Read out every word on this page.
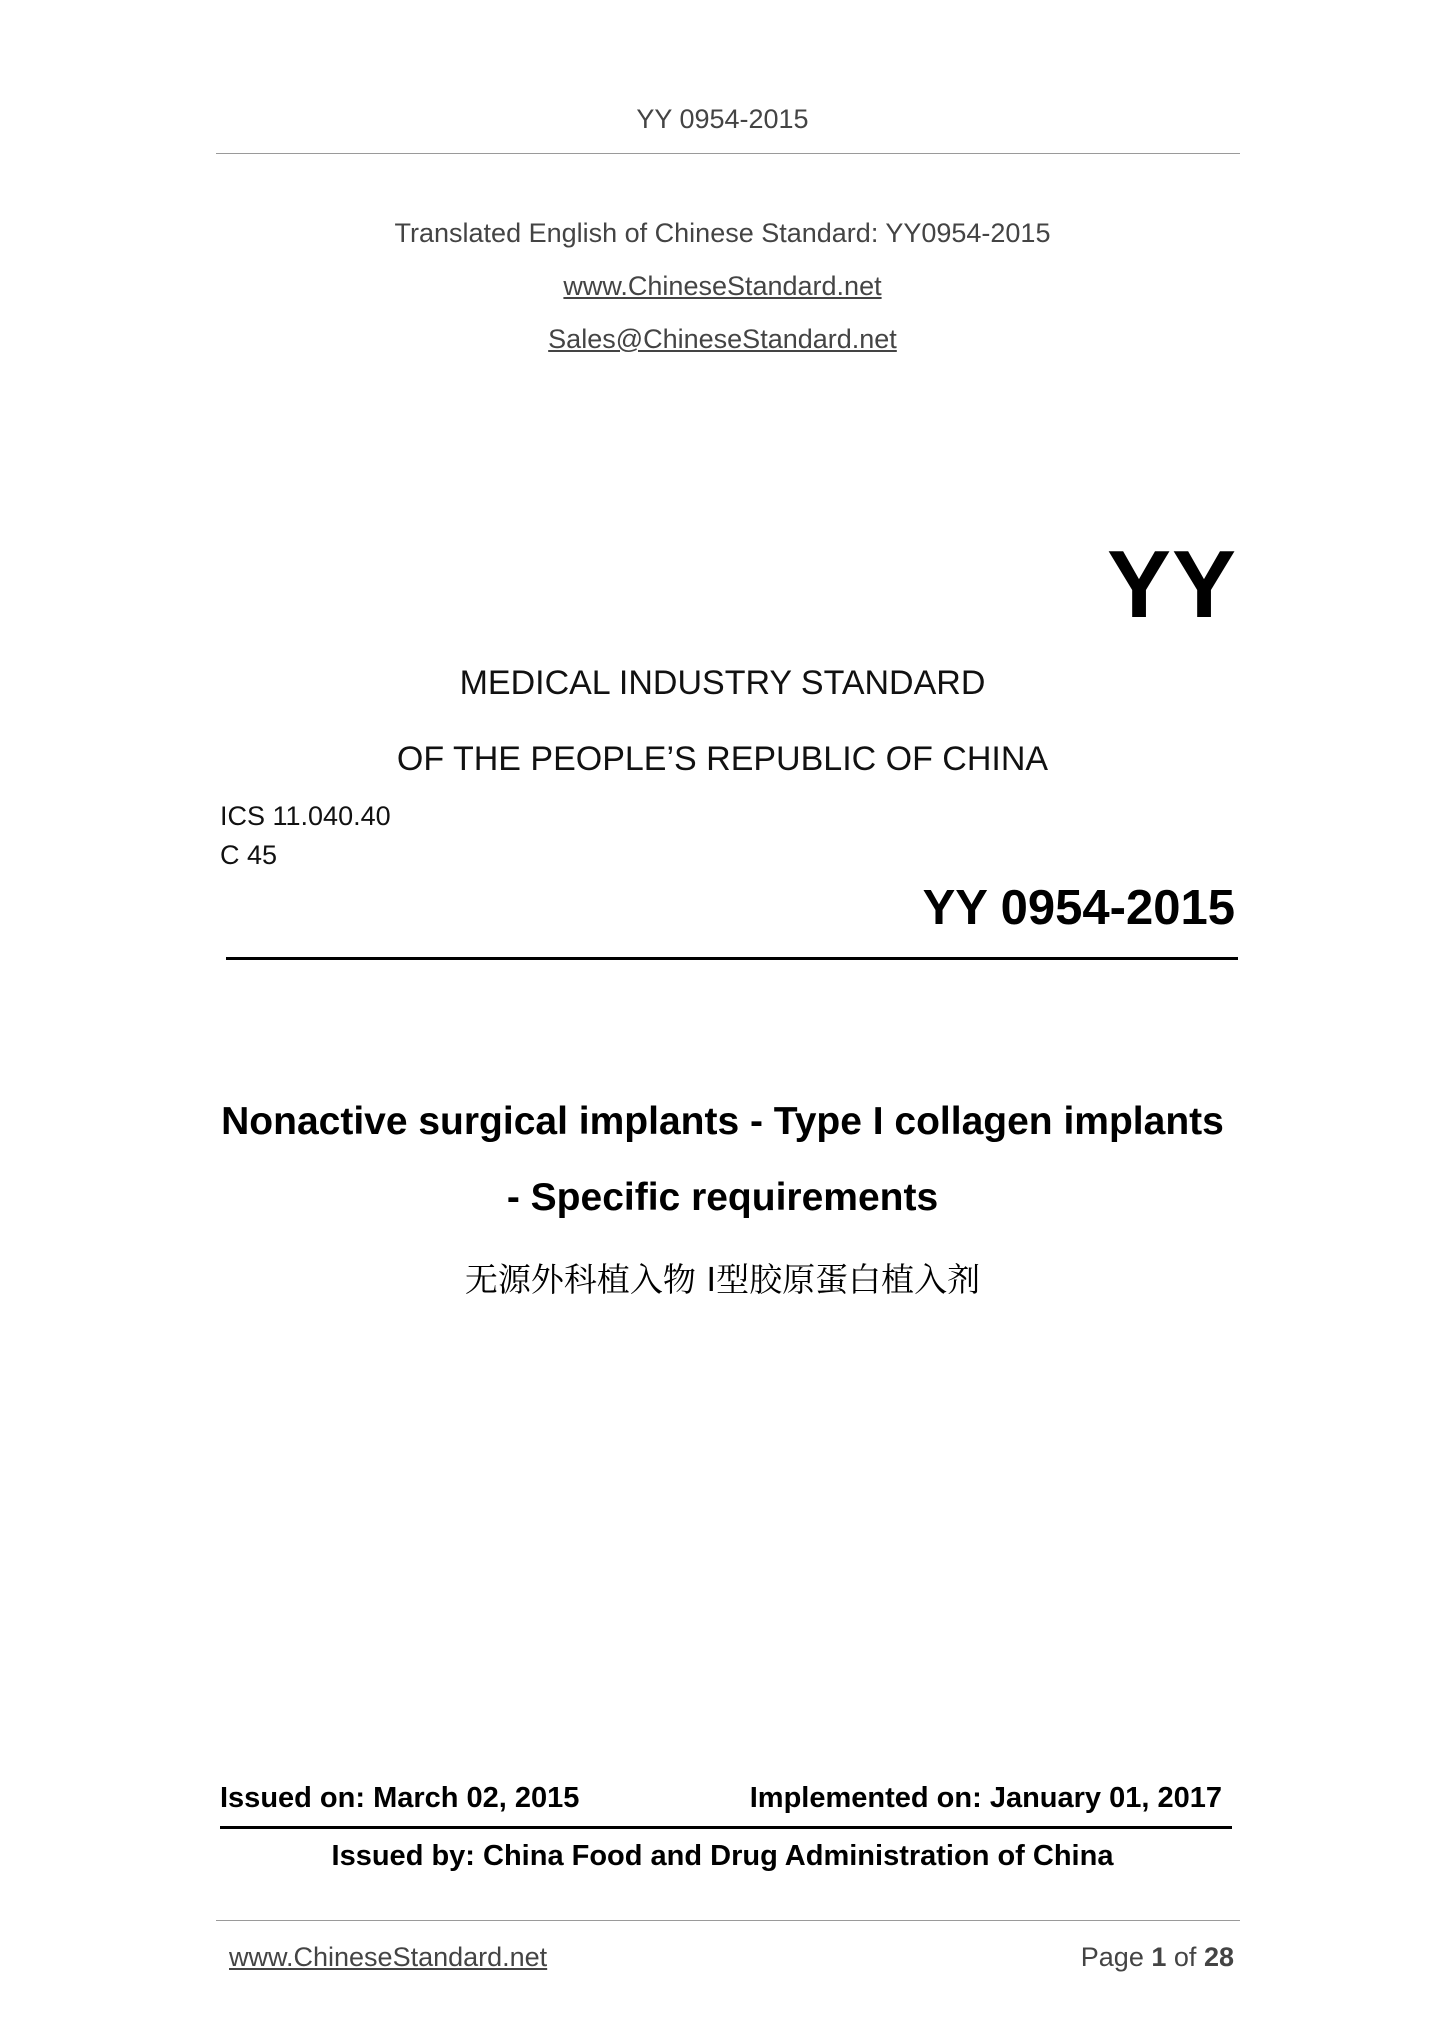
YY 0954-2015
Translated English of Chinese Standard: YY0954-2015
www.ChineseStandard.net
Sales@ChineseStandard.net
YY
MEDICAL INDUSTRY STANDARD
OF THE PEOPLE’S REPUBLIC OF CHINA
ICS 11.040.40
C 45
YY 0954-2015
Nonactive surgical implants - Type I collagen implants
- Specific requirements
无源外科植入物 Ⅰ型胶原蛋白植入剂
Issued on: March 02, 2015	Implemented on: January 01, 2017
Issued by: China Food and Drug Administration of China
www.ChineseStandard.net	Page 1 of 28
